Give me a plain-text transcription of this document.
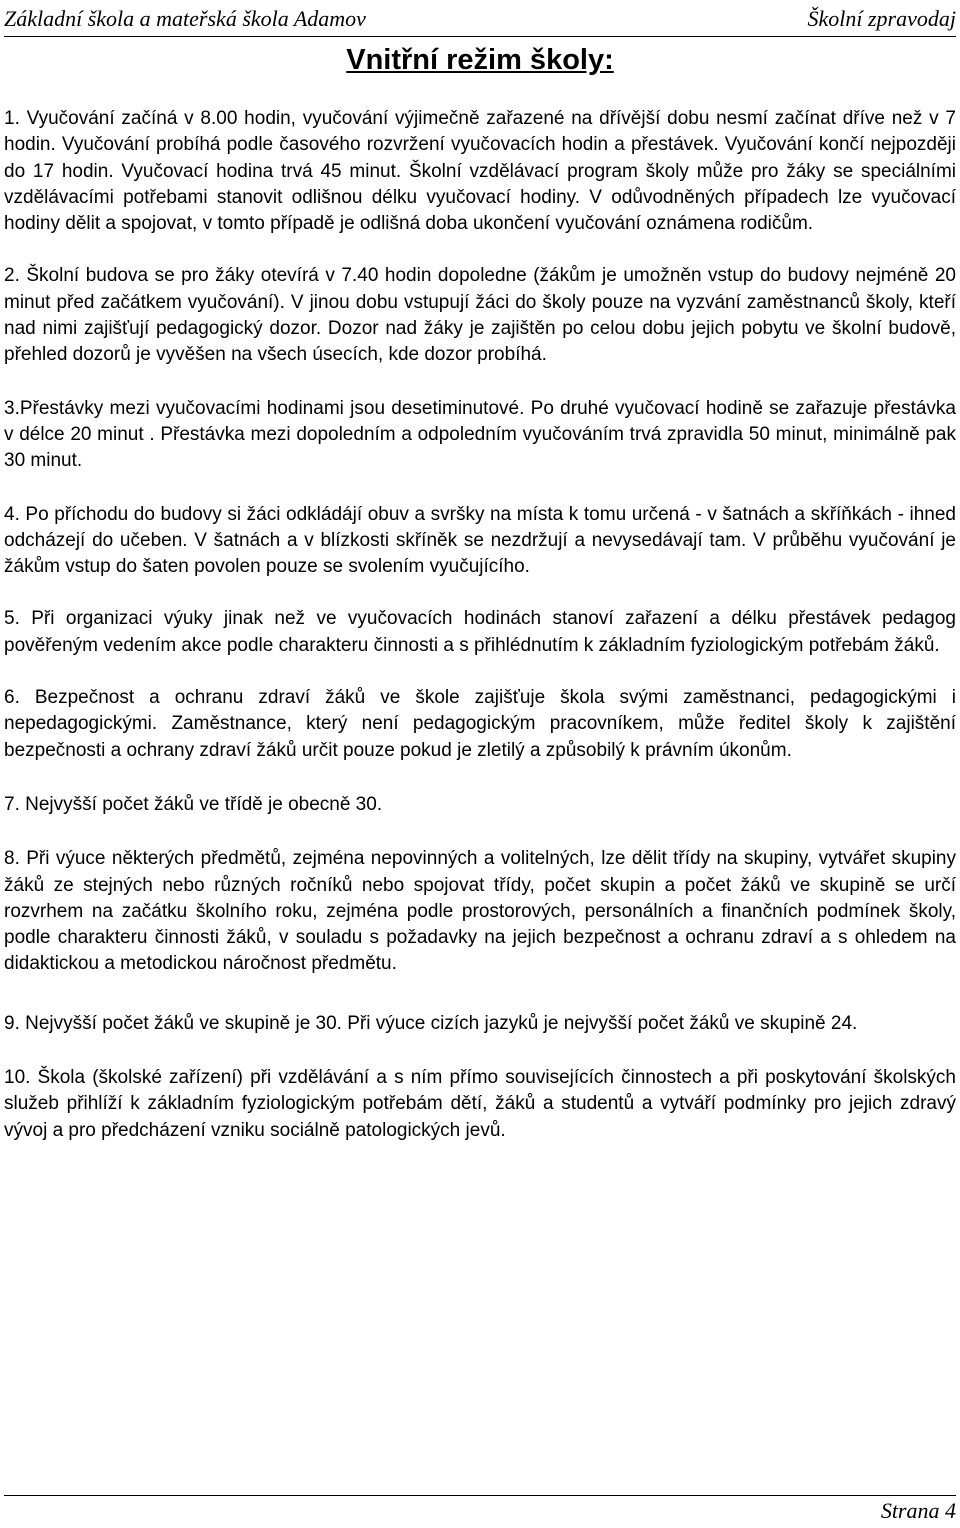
Základní škola a mateřská škola Adamov	Školní zpravodaj
Vnitřní režim školy:

1. Vyučování začíná v 8.00 hodin, vyučování výjimečně zařazené na dřívější dobu nesmí začínat dříve než v 7 hodin. Vyučování probíhá podle časového rozvržení vyučovacích hodin a přestávek. Vyučování končí nejpozději do 17 hodin. Vyučovací hodina trvá 45 minut. Školní vzdělávací program školy může pro žáky se speciálními vzdělávacími potřebami stanovit odlišnou délku vyučovací hodiny. V odůvodněných případech lze vyučovací hodiny dělit a spojovat, v tomto případě je odlišná doba ukončení vyučování oznámena rodičům.

2. Školní budova se pro žáky otevírá v 7.40 hodin dopoledne (žákům je umožněn vstup do budovy nejméně 20 minut před začátkem vyučování). V jinou dobu vstupují žáci do školy pouze na vyzvání zaměstnanců školy, kteří nad nimi zajišťují pedagogický dozor. Dozor nad žáky je zajištěn po celou dobu jejich pobytu ve školní budově, přehled dozorů je vyvěšen na všech úsecích, kde dozor probíhá.

3.Přestávky mezi vyučovacími hodinami jsou desetiminutové. Po druhé vyučovací hodině se zařazuje přestávka v délce 20 minut . Přestávka mezi dopoledním a odpoledním vyučováním trvá zpravidla 50 minut, minimálně pak 30 minut.

4. Po příchodu do budovy si žáci odkládájí obuv a svršky na místa k tomu určená - v šatnách a skříňkách - ihned odcházejí do učeben. V šatnách a v blízkosti skříněk se nezdržují a nevysedávají tam. V průběhu vyučování je žákům vstup do šaten povolen pouze se svolením vyučujícího.

5. Při organizaci výuky jinak než ve vyučovacích hodinách stanoví zařazení a délku přestávek pedagog pověřeným vedením akce podle charakteru činnosti a s přihlédnutím k základním fyziologickým potřebám žáků.

6. Bezpečnost a ochranu zdraví žáků ve škole zajišťuje škola svými zaměstnanci, pedagogickými i nepedagogickými. Zaměstnance, který není pedagogickým pracovníkem, může ředitel školy k zajištění bezpečnosti a ochrany zdraví žáků určit pouze pokud je zletilý a způsobilý k právním úkonům.

7. Nejvyšší počet žáků ve třídě je obecně 30.

8. Při výuce některých předmětů, zejména nepovinných a volitelných, lze dělit třídy na skupiny, vytvářet skupiny žáků ze stejných nebo různých ročníků nebo spojovat třídy, počet skupin a počet žáků ve skupině se určí rozvrhem na začátku školního roku, zejména podle prostorových, personálních a finančních podmínek školy, podle charakteru činnosti žáků, v souladu s požadavky na jejich bezpečnost a ochranu zdraví a s ohledem na didaktickou a metodickou náročnost předmětu.

9. Nejvyšší počet žáků ve skupině je 30. Při výuce cizích jazyků je nejvyšší počet žáků ve skupině 24.

10. Škola (školské zařízení) při vzdělávání a s ním přímo souvisejících činnostech a při poskytování školských služeb přihlíží k základním fyziologickým potřebám dětí, žáků a studentů a vytváří podmínky pro jejich zdravý vývoj a pro předcházení vzniku sociálně patologických jevů.

Strana 4
